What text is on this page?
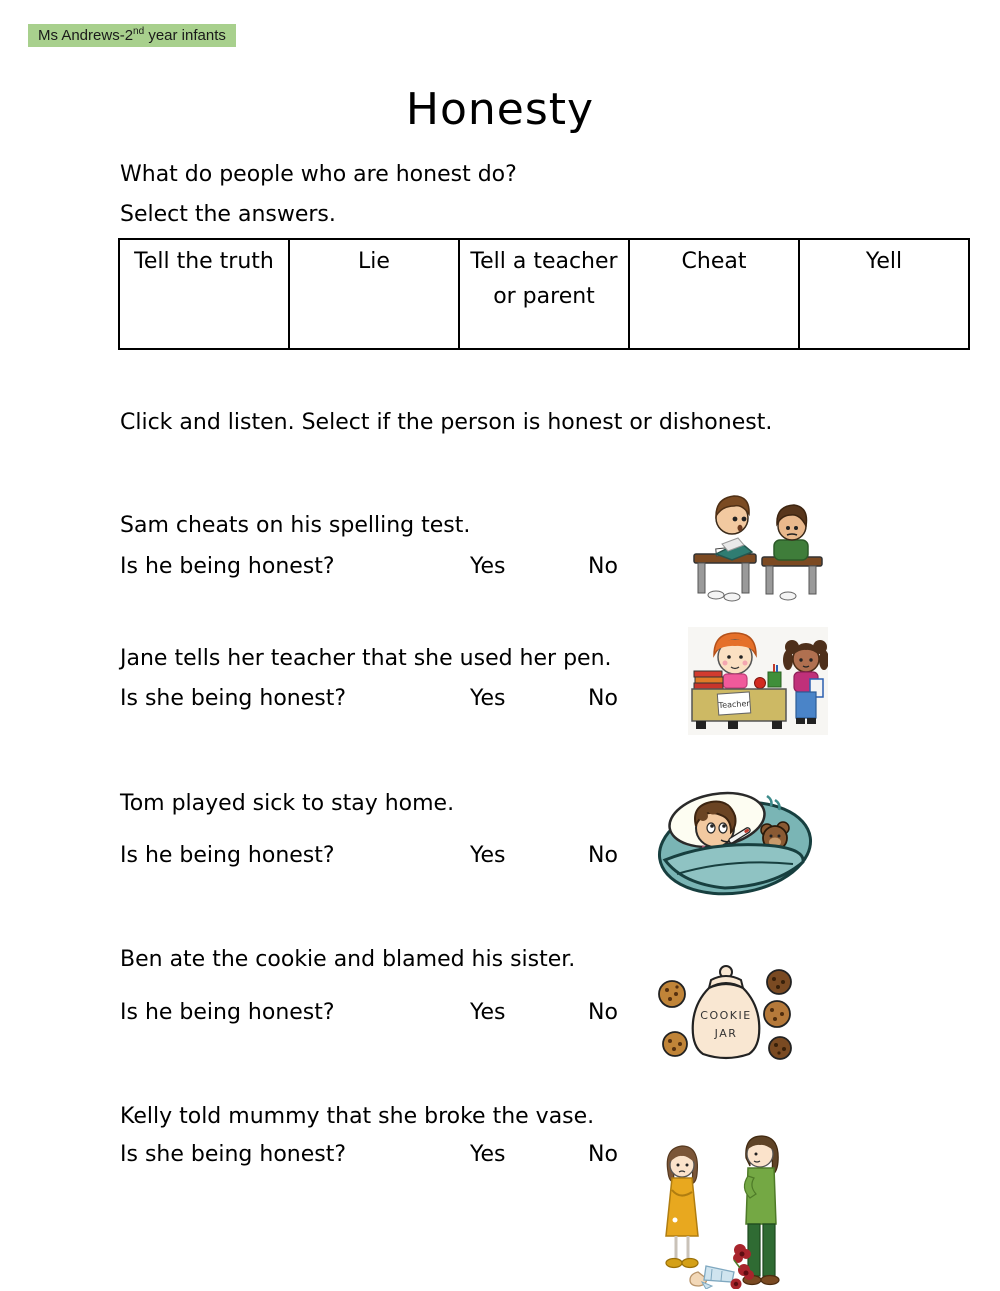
Ms Andrews-2nd year infants
Honesty
What do people who are honest do?
Select the answers.
Tell the truth	Lie	Tell a teacher or parent	Cheat	Yell
Click and listen. Select if the person is honest or dishonest.
Sam cheats on his spelling test.
Is he being honest?	Yes	No
Jane tells her teacher that she used her pen.
Is she being honest?	Yes	No	Teacher
Tom played sick to stay home.
Is he being honest?	Yes	No
Ben ate the cookie and blamed his sister.
Is he being honest?	Yes	No	COOKIE
JAR
Kelly told mummy that she broke the vase.
Is she being honest?	Yes	No
